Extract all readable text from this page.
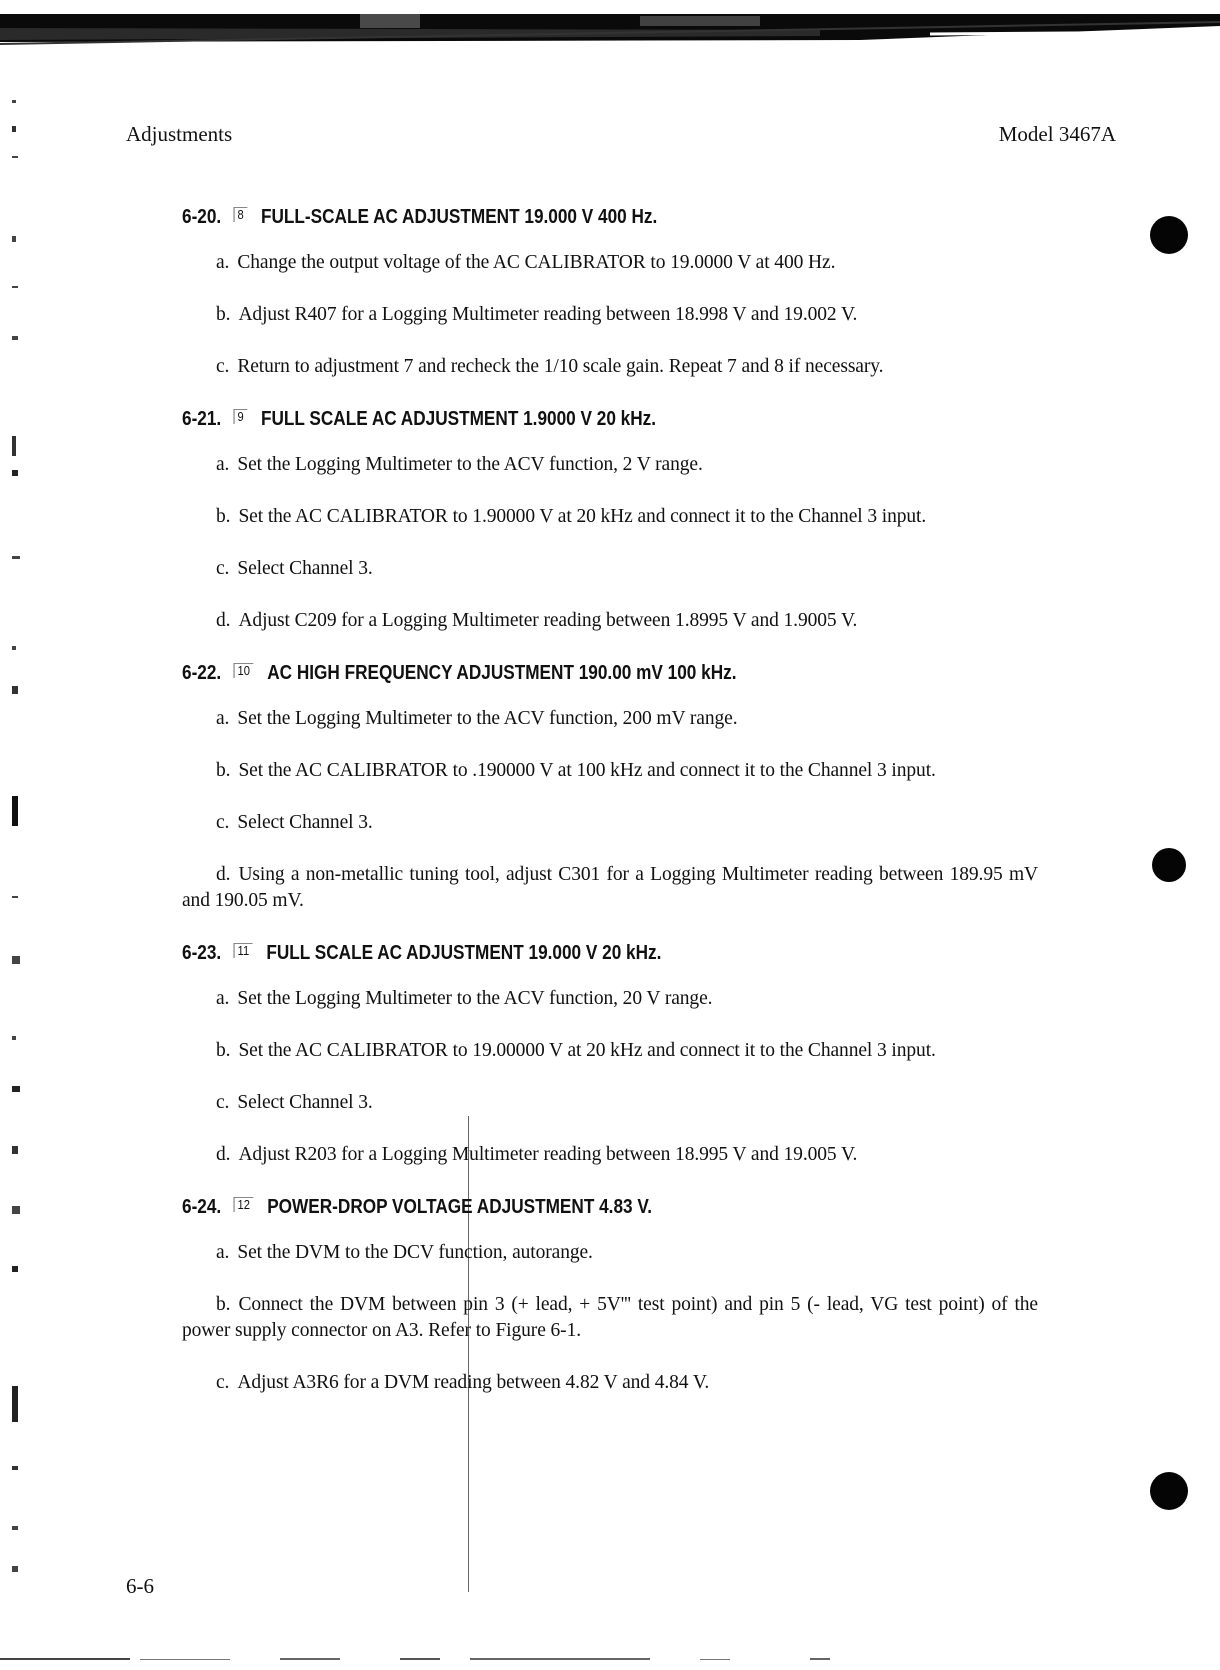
Adjustments	Model 3467A

6-20. 8 FULL-SCALE AC ADJUSTMENT 19.000 V 400 Hz.
a. Change the output voltage of the AC CALIBRATOR to 19.0000 V at 400 Hz.
b. Adjust R407 for a Logging Multimeter reading between 18.998 V and 19.002 V.
c. Return to adjustment 7 and recheck the 1/10 scale gain. Repeat 7 and 8 if necessary.
6-21. 9 FULL SCALE AC ADJUSTMENT 1.9000 V 20 kHz.
a. Set the Logging Multimeter to the ACV function, 2 V range.
b. Set the AC CALIBRATOR to 1.90000 V at 20 kHz and connect it to the Channel 3 input.
c. Select Channel 3.
d. Adjust C209 for a Logging Multimeter reading between 1.8995 V and 1.9005 V.
6-22. 10 AC HIGH FREQUENCY ADJUSTMENT 190.00 mV 100 kHz.
a. Set the Logging Multimeter to the ACV function, 200 mV range.
b. Set the AC CALIBRATOR to .190000 V at 100 kHz and connect it to the Channel 3 input.
c. Select Channel 3.
d. Using a non-metallic tuning tool, adjust C301 for a Logging Multimeter reading between 189.95 mV and 190.05 mV.
6-23. 11 FULL SCALE AC ADJUSTMENT 19.000 V 20 kHz.
a. Set the Logging Multimeter to the ACV function, 20 V range.
b. Set the AC CALIBRATOR to 19.00000 V at 20 kHz and connect it to the Channel 3 input.
c. Select Channel 3.
d. Adjust R203 for a Logging Multimeter reading between 18.995 V and 19.005 V.
6-24. 12 POWER-DROP VOLTAGE ADJUSTMENT 4.83 V.
a. Set the DVM to the DCV function, autorange.
b. Connect the DVM between pin 3 (+ lead, + 5V''' test point) and pin 5 (- lead, VG test point) of the power supply connector on A3. Refer to Figure 6-1.
c. Adjust A3R6 for a DVM reading between 4.82 V and 4.84 V.

6-6
